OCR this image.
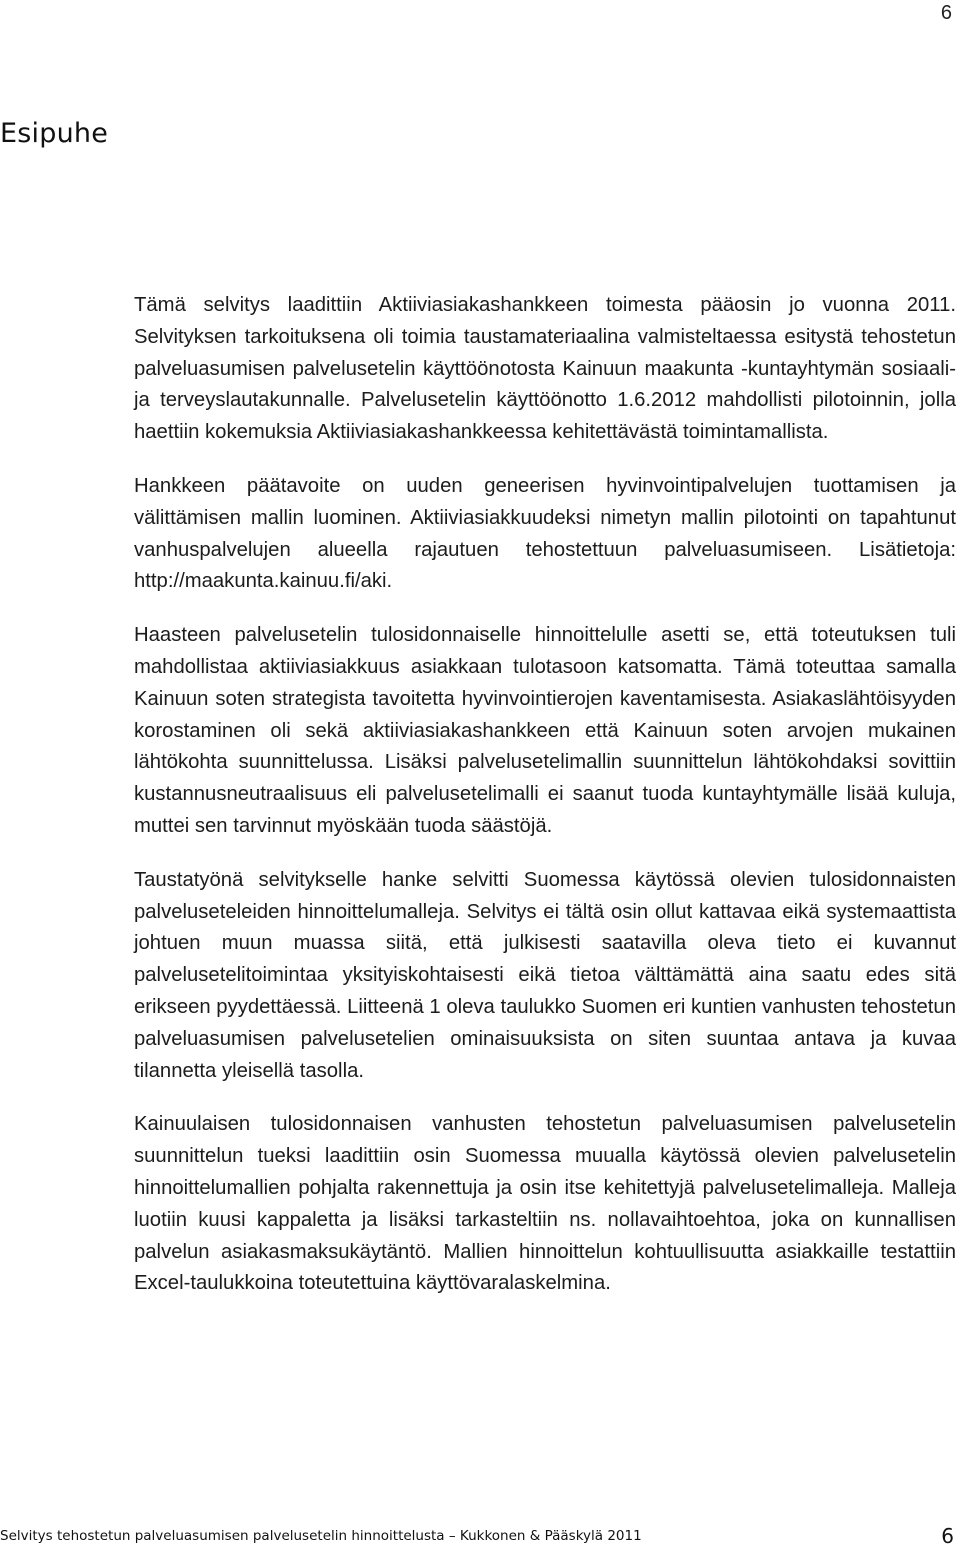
6
Esipuhe

Tämä selvitys laadittiin Aktiiviasiakashankkeen toimesta pääosin jo vuonna 2011. Selvityksen tarkoituksena oli toimia taustamateriaalina valmisteltaessa esitystä tehostetun palveluasumisen palvelusetelin käyttöönotosta Kainuun maakunta -kuntayhtymän sosiaali- ja terveyslautakunnalle. Palvelusetelin käyttöönotto 1.6.2012 mahdollisti pilotoinnin, jolla haettiin kokemuksia Aktiiviasiakashankkeessa kehitettävästä toimintamallista.

Hankkeen päätavoite on uuden geneerisen hyvinvointipalvelujen tuottamisen ja välittämisen mallin luominen. Aktiiviasiakkuudeksi nimetyn mallin pilotointi on tapahtunut vanhuspalvelujen alueella rajautuen tehostettuun palveluasumiseen. Lisätietoja: http://maakunta.kainuu.fi/aki.

Haasteen palvelusetelin tulosidonnaiselle hinnoittelulle asetti se, että toteutuksen tuli mahdollistaa aktiiviasiakkuus asiakkaan tulotasoon katsomatta. Tämä toteuttaa samalla Kainuun soten strategista tavoitetta hyvinvointierojen kaventamisesta. Asiakaslähtöisyyden korostaminen oli sekä aktiiviasiakashankkeen että Kainuun soten arvojen mukainen lähtökohta suunnittelussa. Lisäksi palvelusetelimallin suunnittelun lähtökohdaksi sovittiin kustannusneutraalisuus eli palvelusetelimalli ei saanut tuoda kuntayhtymälle lisää kuluja, muttei sen tarvinnut myöskään tuoda säästöjä.

Taustatyönä selvitykselle hanke selvitti Suomessa käytössä olevien tulosidonnaisten palveluseteleiden hinnoittelumalleja. Selvitys ei tältä osin ollut kattavaa eikä systemaattista johtuen muun muassa siitä, että julkisesti saatavilla oleva tieto ei kuvannut palvelusetelitoimintaa yksityiskohtaisesti eikä tietoa välttämättä aina saatu edes sitä erikseen pyydettäessä. Liitteenä 1 oleva taulukko Suomen eri kuntien vanhusten tehostetun palveluasumisen palvelusetelien ominaisuuksista on siten suuntaa antava ja kuvaa tilannetta yleisellä tasolla.

Kainuulaisen tulosidonnaisen vanhusten tehostetun palveluasumisen palvelusetelin suunnittelun tueksi laadittiin osin Suomessa muualla käytössä olevien palvelusetelin hinnoittelumallien pohjalta rakennettuja ja osin itse kehitettyjä palvelusetelimalleja. Malleja luotiin kuusi kappaletta ja lisäksi tarkasteltiin ns. nollavaihtoehtoa, joka on kunnallisen palvelun asiakasmaksukäytäntö. Mallien hinnoittelun kohtuullisuutta asiakkaille testattiin Excel-taulukkoina toteutettuina käyttövaralaskelmina.

Selvitys tehostetun palveluasumisen palvelusetelin hinnoittelusta – Kukkonen & Pääskylä 2011	6
